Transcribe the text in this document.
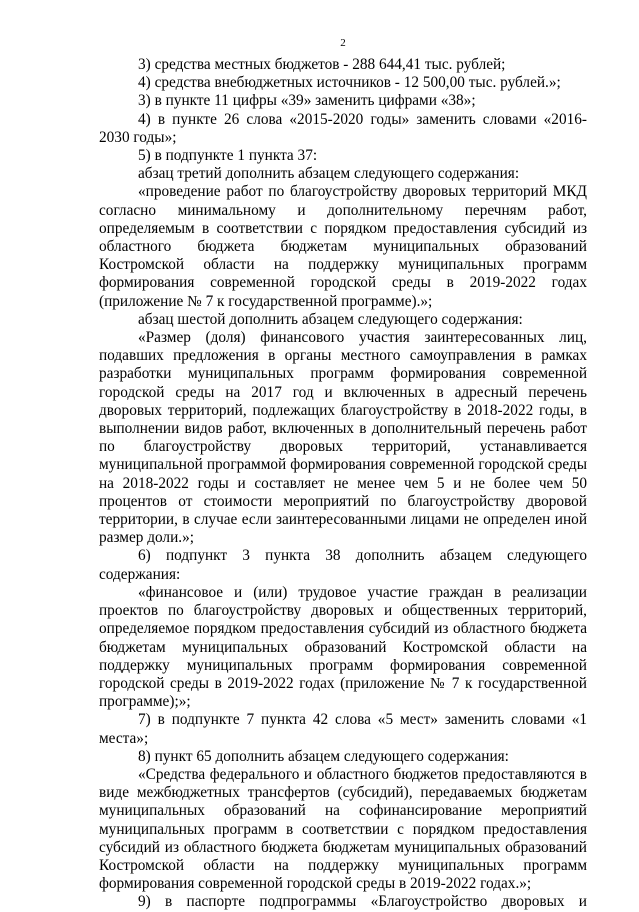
2

3) средства местных бюджетов - 288 644,41 тыс. рублей;

4) средства внебюджетных источников - 12 500,00 тыс. рублей.»;

3) в пункте 11 цифры «39» заменить цифрами «38»;

4) в пункте 26 слова «2015-2020 годы» заменить словами «2016-2030 годы»;

5) в подпункте 1 пункта 37:

абзац третий дополнить абзацем следующего содержания:

«проведение работ по благоустройству дворовых территорий МКД согласно минимальному и дополнительному перечням работ, определяемым в соответствии с порядком предоставления субсидий из областного бюджета бюджетам муниципальных образований Костромской области на поддержку муниципальных программ формирования современной городской среды в 2019-2022 годах (приложение № 7 к государственной программе).»;

абзац шестой дополнить абзацем следующего содержания:

«Размер (доля) финансового участия заинтересованных лиц, подавших предложения в органы местного самоуправления в рамках разработки муниципальных программ формирования современной городской среды на 2017 год и включенных в адресный перечень дворовых территорий, подлежащих благоустройству в 2018-2022 годы, в выполнении видов работ, включенных в дополнительный перечень работ по благоустройству дворовых территорий, устанавливается муниципальной программой формирования современной городской среды на 2018-2022 годы и составляет не менее чем 5 и не более чем 50 процентов от стоимости мероприятий по благоустройству дворовой территории, в случае если заинтересованными лицами не определен иной размер доли.»;

6) подпункт 3 пункта 38 дополнить абзацем следующего содержания:

«финансовое и (или) трудовое участие граждан в реализации проектов по благоустройству дворовых и общественных территорий, определяемое порядком предоставления субсидий из областного бюджета бюджетам муниципальных образований Костромской области на поддержку муниципальных программ формирования современной городской среды в 2019-2022 годах (приложение № 7 к государственной программе);»;

7) в подпункте 7 пункта 42 слова «5 мест» заменить словами «1 места»;

8) пункт 65 дополнить абзацем следующего содержания:

«Средства федерального и областного бюджетов предоставляются в виде межбюджетных трансфертов (субсидий), передаваемых бюджетам муниципальных образований на софинансирование мероприятий муниципальных программ в соответствии с порядком предоставления субсидий из областного бюджета бюджетам муниципальных образований Костромской области на поддержку муниципальных программ формирования современной городской среды в 2019-2022 годах.»;

9) в паспорте подпрограммы «Благоустройство дворовых и
